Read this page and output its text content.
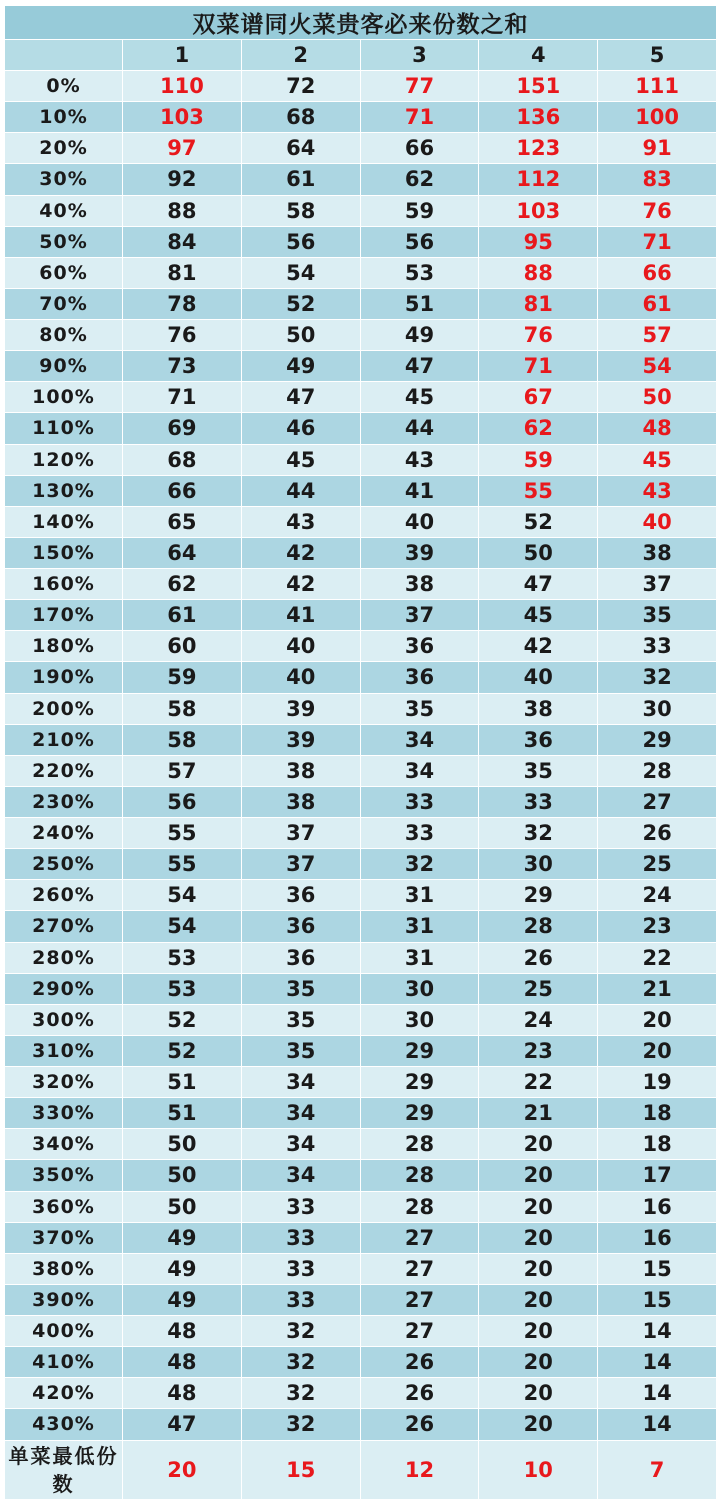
双菜谱同火菜贵客必来份数之和					
	1	2	3	4	5
0%	110	72	77	151	111
10%	103	68	71	136	100
20%	97	64	66	123	91
30%	92	61	62	112	83
40%	88	58	59	103	76
50%	84	56	56	95	71
60%	81	54	53	88	66
70%	78	52	51	81	61
80%	76	50	49	76	57
90%	73	49	47	71	54
100%	71	47	45	67	50
110%	69	46	44	62	48
120%	68	45	43	59	45
130%	66	44	41	55	43
140%	65	43	40	52	40
150%	64	42	39	50	38
160%	62	42	38	47	37
170%	61	41	37	45	35
180%	60	40	36	42	33
190%	59	40	36	40	32
200%	58	39	35	38	30
210%	58	39	34	36	29
220%	57	38	34	35	28
230%	56	38	33	33	27
240%	55	37	33	32	26
250%	55	37	32	30	25
260%	54	36	31	29	24
270%	54	36	31	28	23
280%	53	36	31	26	22
290%	53	35	30	25	21
300%	52	35	30	24	20
310%	52	35	29	23	20
320%	51	34	29	22	19
330%	51	34	29	21	18
340%	50	34	28	20	18
350%	50	34	28	20	17
360%	50	33	28	20	16
370%	49	33	27	20	16
380%	49	33	27	20	15
390%	49	33	27	20	15
400%	48	32	27	20	14
410%	48	32	26	20	14
420%	48	32	26	20	14
430%	47	32	26	20	14
单菜最低份数	20	15	12	10	7
